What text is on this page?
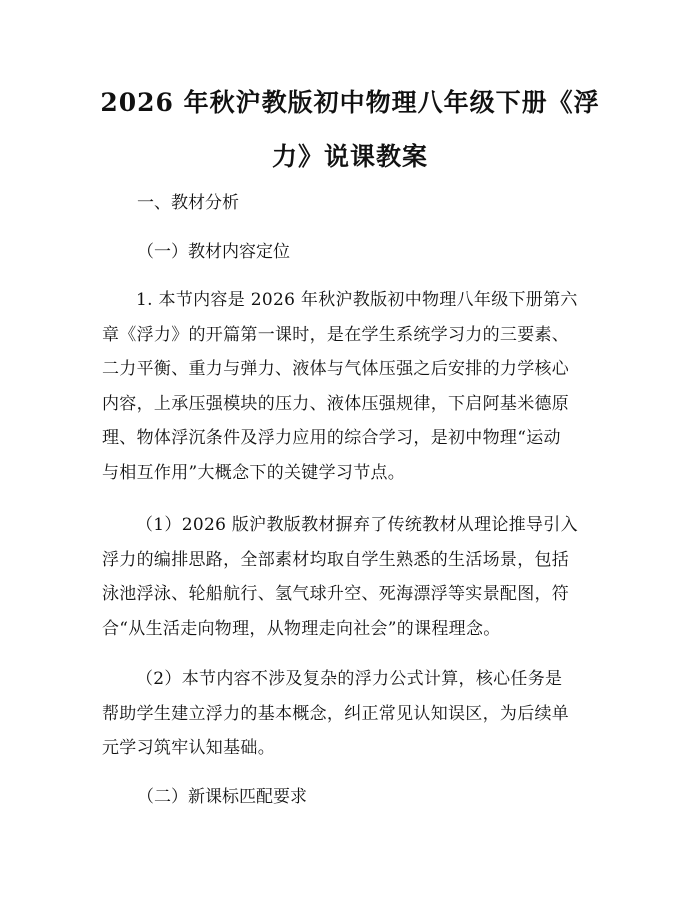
2026 年秋沪教版初中物理八年级下册《浮
力》说课教案
一、教材分析
（一）教材内容定位
1. 本节内容是 2026 年秋沪教版初中物理八年级下册第六
章《浮力》的开篇第一课时，是在学生系统学习力的三要素、
二力平衡、重力与弹力、液体与气体压强之后安排的力学核心
内容，上承压强模块的压力、液体压强规律，下启阿基米德原
理、物体浮沉条件及浮力应用的综合学习，是初中物理“运动
与相互作用”大概念下的关键学习节点。
（1）2026 版沪教版教材摒弃了传统教材从理论推导引入
浮力的编排思路，全部素材均取自学生熟悉的生活场景，包括
泳池浮泳、轮船航行、氢气球升空、死海漂浮等实景配图，符
合“从生活走向物理，从物理走向社会”的课程理念。
（2）本节内容不涉及复杂的浮力公式计算，核心任务是
帮助学生建立浮力的基本概念，纠正常见认知误区，为后续单
元学习筑牢认知基础。
（二）新课标匹配要求
